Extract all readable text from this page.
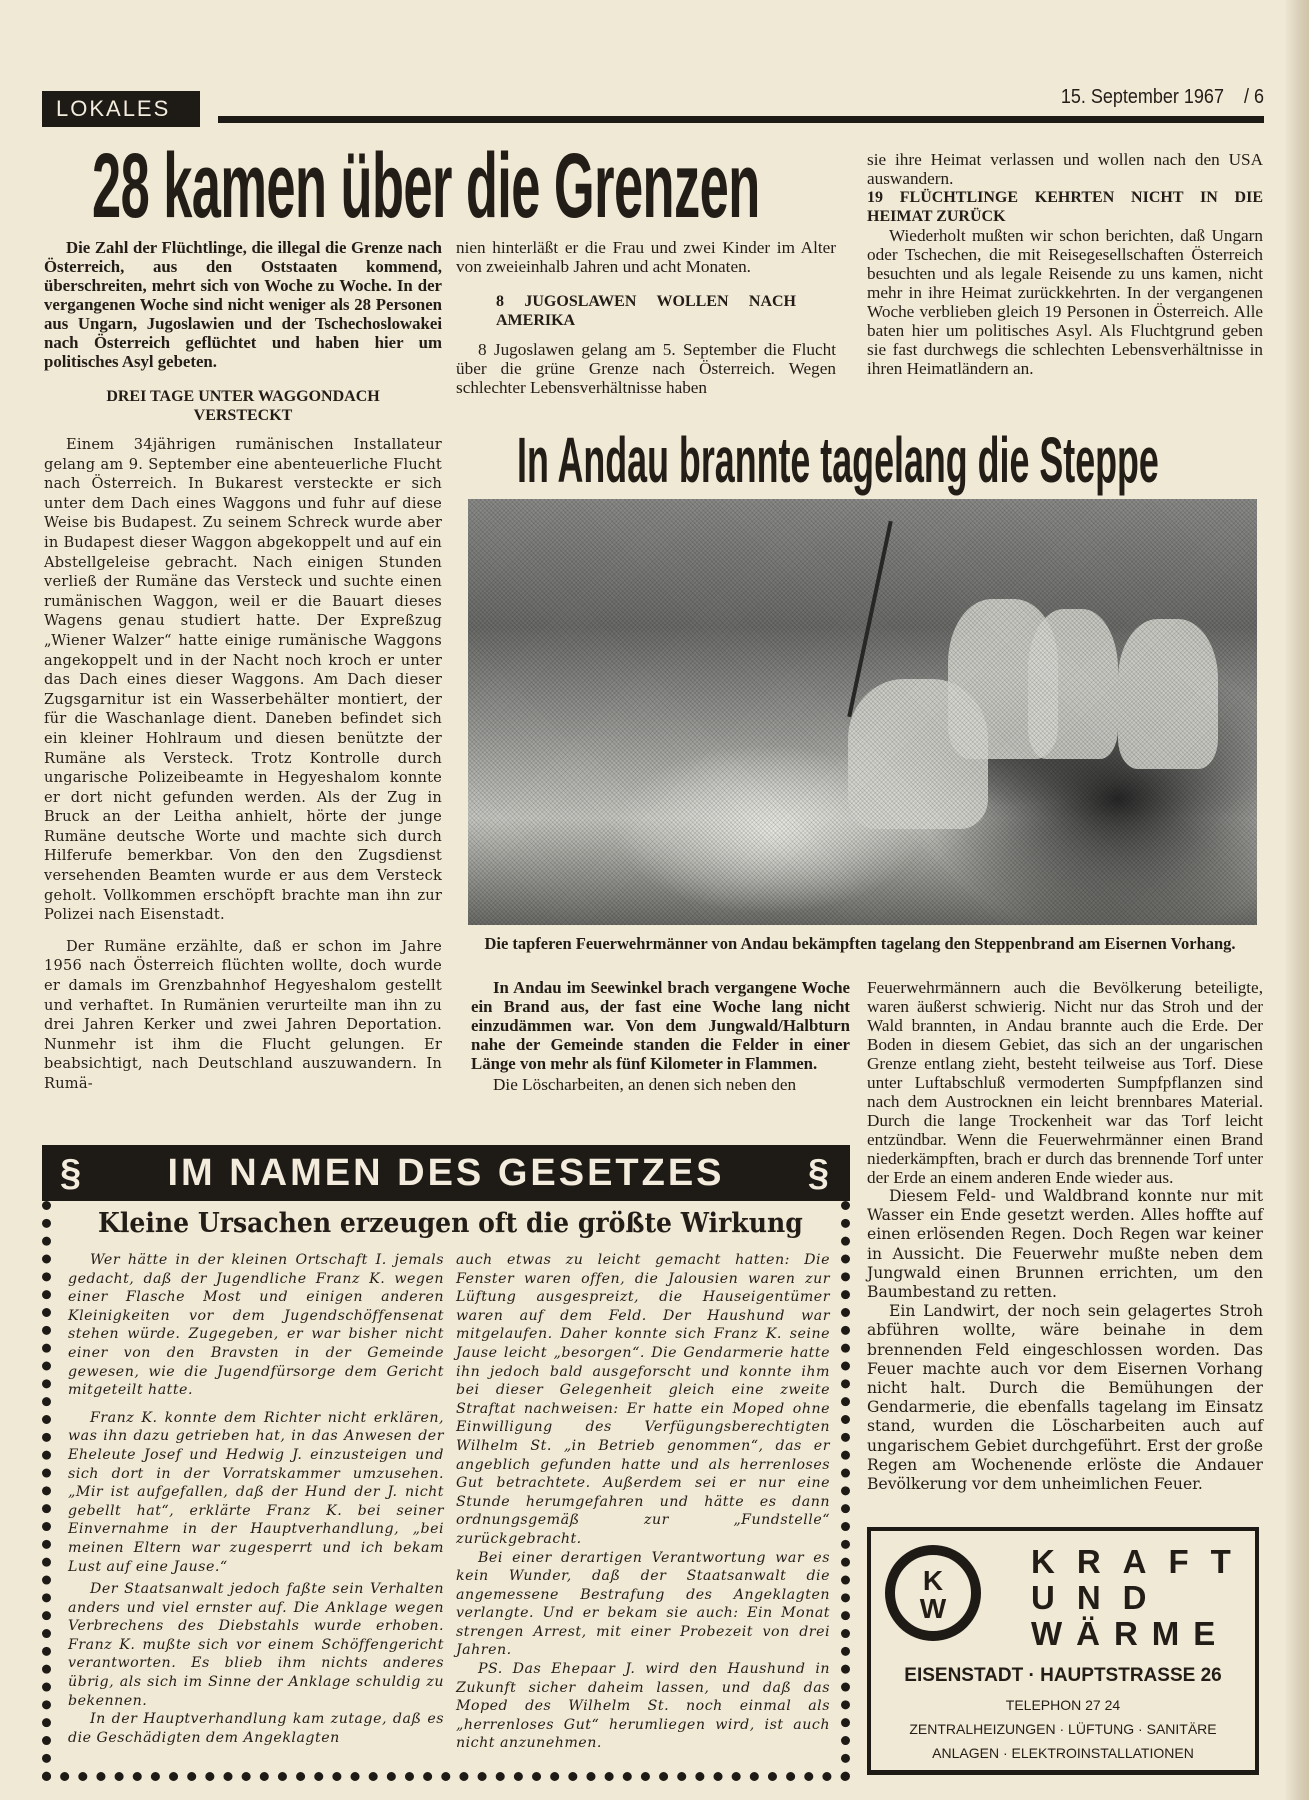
LOKALES	15. September 1967 / 6
28 kamen über die Grenzen

Die Zahl der Flüchtlinge, die illegal die Grenze nach Österreich, aus den Oststaaten kommend, überschreiten, mehrt sich von Woche zu Woche. In der vergangenen Woche sind nicht weniger als 28 Personen aus Ungarn, Jugoslawien und der Tschechoslowakei nach Österreich geflüchtet und haben hier um politisches Asyl gebeten.

DREI TAGE UNTER WAGGONDACH VERSTECKT

Einem 34jährigen rumänischen Installateur gelang am 9. September eine abenteuerliche Flucht nach Österreich. In Bukarest versteckte er sich unter dem Dach eines Waggons und fuhr auf diese Weise bis Budapest. Zu seinem Schreck wurde aber in Budapest dieser Waggon abgekoppelt und auf ein Abstellgeleise gebracht. Nach einigen Stunden verließ der Rumäne das Versteck und suchte einen rumänischen Waggon, weil er die Bauart dieses Wagens genau studiert hatte. Der Expreßzug „Wiener Walzer“ hatte einige rumänische Waggons angekoppelt und in der Nacht noch kroch er unter das Dach eines dieser Waggons. Am Dach dieser Zugsgarnitur ist ein Wasserbehälter montiert, der für die Waschanlage dient. Daneben befindet sich ein kleiner Hohlraum und diesen benützte der Rumäne als Versteck. Trotz Kontrolle durch ungarische Polizeibeamte in Hegyeshalom konnte er dort nicht gefunden werden. Als der Zug in Bruck an der Leitha anhielt, hörte der junge Rumäne deutsche Worte und machte sich durch Hilferufe bemerkbar. Von den den Zugsdienst versehenden Beamten wurde er aus dem Versteck geholt. Vollkommen erschöpft brachte man ihn zur Polizei nach Eisenstadt.

Der Rumäne erzählte, daß er schon im Jahre 1956 nach Österreich flüchten wollte, doch wurde er damals im Grenzbahnhof Hegyeshalom gestellt und verhaftet. In Rumänien verurteilte man ihn zu drei Jahren Kerker und zwei Jahren Deportation. Nunmehr ist ihm die Flucht gelungen. Er beabsichtigt, nach Deutschland auszuwandern. In Rumä-

nien hinterläßt er die Frau und zwei Kinder im Alter von zweieinhalb Jahren und acht Monaten.

8 JUGOSLAWEN WOLLEN NACH AMERIKA

8 Jugoslawen gelang am 5. September die Flucht über die grüne Grenze nach Österreich. Wegen schlechter Lebensverhältnisse haben

sie ihre Heimat verlassen und wollen nach den USA auswandern.

19 FLÜCHTLINGE KEHRTEN NICHT IN DIE HEIMAT ZURÜCK

Wiederholt mußten wir schon berichten, daß Ungarn oder Tschechen, die mit Reisegesellschaften Österreich besuchten und als legale Reisende zu uns kamen, nicht mehr in ihre Heimat zurückkehrten. In der vergangenen Woche verblieben gleich 19 Personen in Österreich. Alle baten hier um politisches Asyl. Als Fluchtgrund geben sie fast durchwegs die schlechten Lebensverhältnisse in ihren Heimatländern an.

In Andau brannte tagelang die Steppe
Die tapferen Feuerwehrmänner von Andau bekämpften tagelang den Steppenbrand am Eisernen Vorhang.

In Andau im Seewinkel brach vergangene Woche ein Brand aus, der fast eine Woche lang nicht einzudämmen war. Von dem Jungwald/Halbturn nahe der Gemeinde standen die Felder in einer Länge von mehr als fünf Kilometer in Flammen.

Die Löscharbeiten, an denen sich neben den

Feuerwehrmännern auch die Bevölkerung beteiligte, waren äußerst schwierig. Nicht nur das Stroh und der Wald brannten, in Andau brannte auch die Erde. Der Boden in diesem Gebiet, das sich an der ungarischen Grenze entlang zieht, besteht teilweise aus Torf. Diese unter Luftabschluß vermoderten Sumpfpflanzen sind nach dem Austrocknen ein leicht brennbares Material. Durch die lange Trockenheit war das Torf leicht entzündbar. Wenn die Feuerwehrmänner einen Brand niederkämpften, brach er durch das brennende Torf unter der Erde an einem anderen Ende wieder aus.

Diesem Feld- und Waldbrand konnte nur mit Wasser ein Ende gesetzt werden. Alles hoffte auf einen erlösenden Regen. Doch Regen war keiner in Aussicht. Die Feuerwehr mußte neben dem Jungwald einen Brunnen errichten, um den Baumbestand zu retten.

Ein Landwirt, der noch sein gelagertes Stroh abführen wollte, wäre beinahe in dem brennenden Feld eingeschlossen worden. Das Feuer machte auch vor dem Eisernen Vorhang nicht halt. Durch die Bemühungen der Gendarmerie, die ebenfalls tagelang im Einsatz stand, wurden die Löscharbeiten auch auf ungarischem Gebiet durchgeführt. Erst der große Regen am Wochenende erlöste die Andauer Bevölkerung vor dem unheimlichen Feuer.

§ IM NAMEN DES GESETZES §
Kleine Ursachen erzeugen oft die größte Wirkung

Wer hätte in der kleinen Ortschaft I. jemals gedacht, daß der Jugendliche Franz K. wegen einer Flasche Most und einigen anderen Kleinigkeiten vor dem Jugendschöffensenat stehen würde. Zugegeben, er war bisher nicht einer von den Bravsten in der Gemeinde gewesen, wie die Jugendfürsorge dem Gericht mitgeteilt hatte.

Franz K. konnte dem Richter nicht erklären, was ihn dazu getrieben hat, in das Anwesen der Eheleute Josef und Hedwig J. einzusteigen und sich dort in der Vorratskammer umzusehen. „Mir ist aufgefallen, daß der Hund der J. nicht gebellt hat“, erklärte Franz K. bei seiner Einvernahme in der Hauptverhandlung, „bei meinen Eltern war zugesperrt und ich bekam Lust auf eine Jause.“

Der Staatsanwalt jedoch faßte sein Verhalten anders und viel ernster auf. Die Anklage wegen Verbrechens des Diebstahls wurde erhoben. Franz K. mußte sich vor einem Schöffengericht verantworten. Es blieb ihm nichts anderes übrig, als sich im Sinne der Anklage schuldig zu bekennen.

In der Hauptverhandlung kam zutage, daß es die Geschädigten dem Angeklagten

auch etwas zu leicht gemacht hatten: Die Fenster waren offen, die Jalousien waren zur Lüftung ausgespreizt, die Hauseigentümer waren auf dem Feld. Der Haushund war mitgelaufen. Daher konnte sich Franz K. seine Jause leicht „besorgen“. Die Gendarmerie hatte ihn jedoch bald ausgeforscht und konnte ihm bei dieser Gelegenheit gleich eine zweite Straftat nachweisen: Er hatte ein Moped ohne Einwilligung des Verfügungsberechtigten Wilhelm St. „in Betrieb genommen“, das er angeblich gefunden hatte und als herrenloses Gut betrachtete. Außerdem sei er nur eine Stunde herumgefahren und hätte es dann ordnungsgemäß zur „Fundstelle“ zurückgebracht.

Bei einer derartigen Verantwortung war es kein Wunder, daß der Staatsanwalt die angemessene Bestrafung des Angeklagten verlangte. Und er bekam sie auch: Ein Monat strengen Arrest, mit einer Probezeit von drei Jahren.

PS. Das Ehepaar J. wird den Haushund in Zukunft sicher daheim lassen, und daß das Moped des Wilhelm St. noch einmal als „herrenloses Gut“ herumliegen wird, ist auch nicht anzunehmen.

K
W
KRAFT
UND
WÄRME
EISENSTADT · HAUPTSTRASSE 26
TELEPHON 27 24
ZENTRALHEIZUNGEN · LÜFTUNG · SANITÄRE
ANLAGEN · ELEKTROINSTALLATIONEN
